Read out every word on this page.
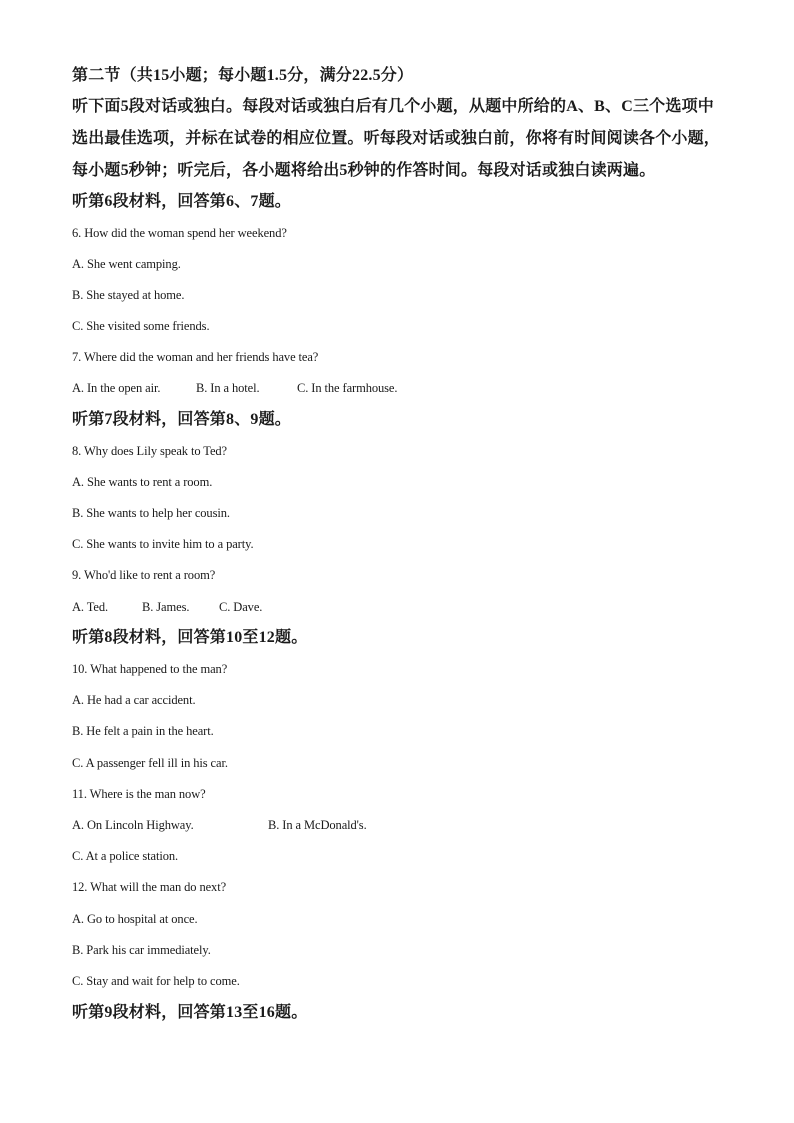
第二节（共15小题；每小题1.5分，满分22.5分）
听下面5段对话或独白。每段对话或独白后有几个小题，从题中所给的A、B、C三个选项中
选出最佳选项，并标在试卷的相应位置。听每段对话或独白前，你将有时间阅读各个小题，
每小题5秒钟；听完后，各小题将给出5秒钟的作答时间。每段对话或独白读两遍。
听第6段材料，回答第6、7题。
6. How did the woman spend her weekend?
A. She went camping.
B. She stayed at home.
C. She visited some friends.
7. Where did the woman and her friends have tea?
A. In the open air.	B. In a hotel.	C. In the farmhouse.
听第7段材料，回答第8、9题。
8. Why does Lily speak to Ted?
A. She wants to rent a room.
B. She wants to help her cousin.
C. She wants to invite him to a party.
9. Who'd like to rent a room?
A. Ted.	B. James. C. Dave.
听第8段材料，回答第10至12题。
10. What happened to the man?
A. He had a car accident.
B. He felt a pain in the heart.
C. A passenger fell ill in his car.
11. Where is the man now?
A. On Lincoln Highway.	B. In a McDonald's.
C. At a police station.
12. What will the man do next?
A. Go to hospital at once.
B. Park his car immediately.
C. Stay and wait for help to come.
听第9段材料，回答第13至16题。
